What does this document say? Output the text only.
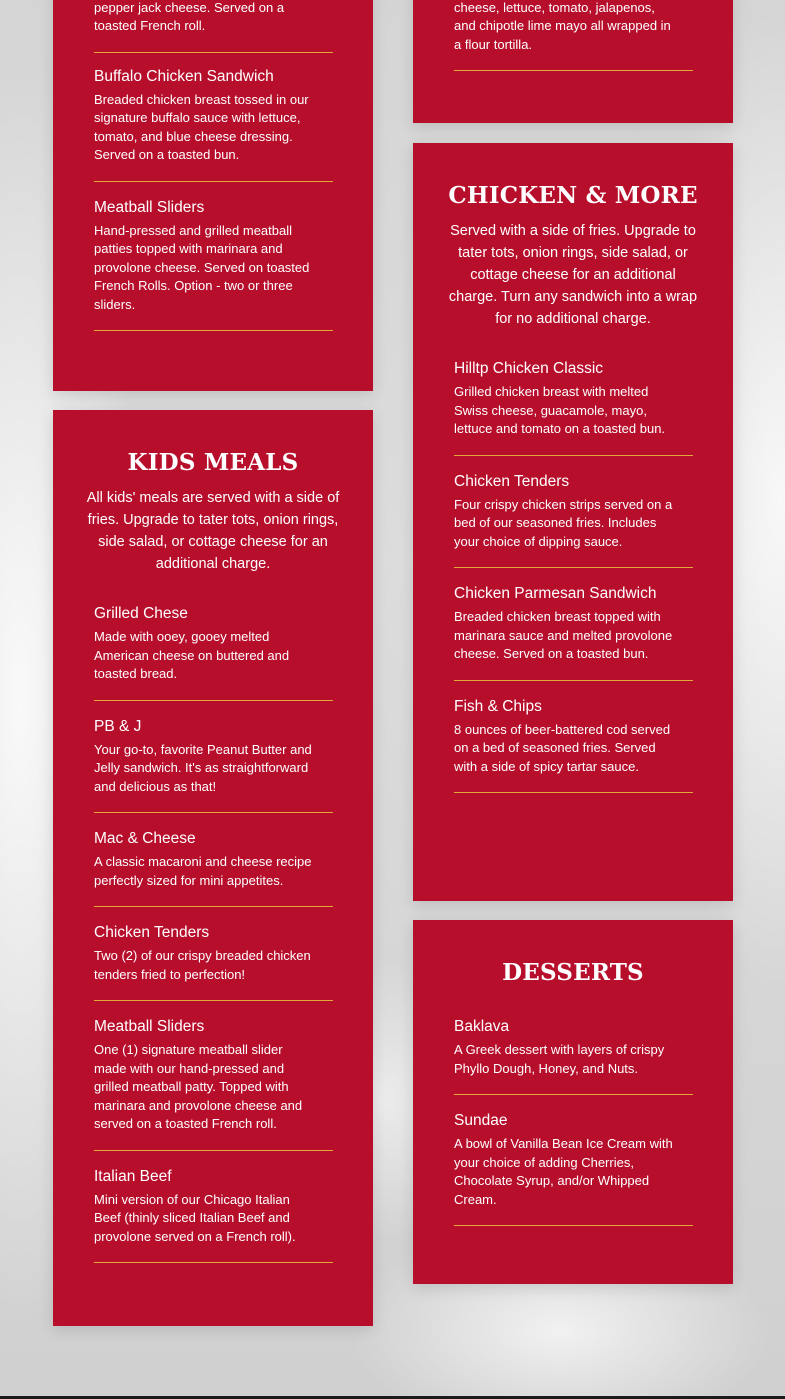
pepper jack cheese. Served on a toasted French roll.

Buffalo Chicken Sandwich

Breaded chicken breast tossed in our signature buffalo sauce with lettuce, tomato, and blue cheese dressing. Served on a toasted bun.

Meatball Sliders

Hand-pressed and grilled meatball patties topped with marinara and provolone cheese. Served on toasted French Rolls. Option - two or three sliders.

cheese, lettuce, tomato, jalapenos, and chipotle lime mayo all wrapped in a flour tortilla.

KIDS MEALS

All kids' meals are served with a side of fries. Upgrade to tater tots, onion rings, side salad, or cottage cheese for an additional charge.

Grilled Chese

Made with ooey, gooey melted American cheese on buttered and toasted bread.

PB & J

Your go-to, favorite Peanut Butter and Jelly sandwich. It's as straightforward and delicious as that!

Mac & Cheese

A classic macaroni and cheese recipe perfectly sized for mini appetites.

Chicken Tenders

Two (2) of our crispy breaded chicken tenders fried to perfection!

Meatball Sliders

One (1) signature meatball slider made with our hand-pressed and grilled meatball patty. Topped with marinara and provolone cheese and served on a toasted French roll.

Italian Beef

Mini version of our Chicago Italian Beef (thinly sliced Italian Beef and provolone served on a French roll).

CHICKEN & MORE

Served with a side of fries. Upgrade to tater tots, onion rings, side salad, or cottage cheese for an additional charge. Turn any sandwich into a wrap for no additional charge.

Hilltp Chicken Classic

Grilled chicken breast with melted Swiss cheese, guacamole, mayo, lettuce and tomato on a toasted bun.

Chicken Tenders

Four crispy chicken strips served on a bed of our seasoned fries. Includes your choice of dipping sauce.

Chicken Parmesan Sandwich

Breaded chicken breast topped with marinara sauce and melted provolone cheese. Served on a toasted bun.

Fish & Chips

8 ounces of beer-battered cod served on a bed of seasoned fries. Served with a side of spicy tartar sauce.

DESSERTS
Baklava

A Greek dessert with layers of crispy Phyllo Dough, Honey, and Nuts.

Sundae

A bowl of Vanilla Bean Ice Cream with your choice of adding Cherries, Chocolate Syrup, and/or Whipped Cream.
